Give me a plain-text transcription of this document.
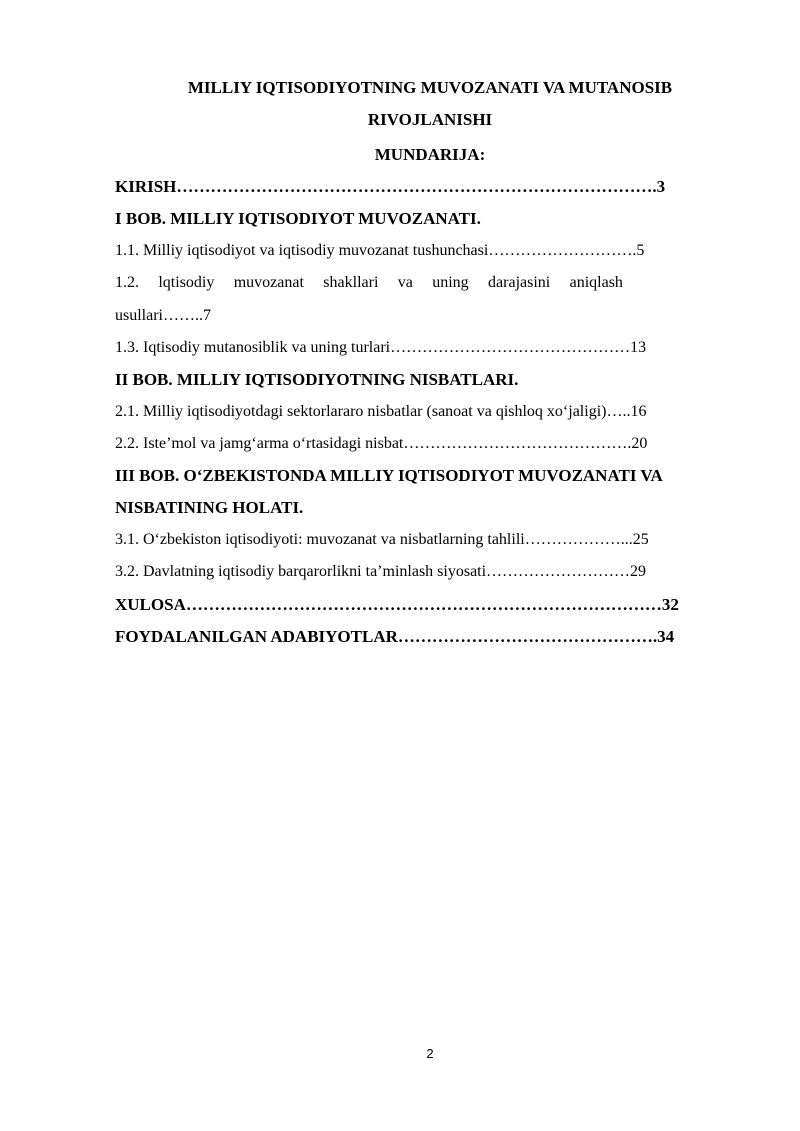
MILLIY IQTISODIYOTNING MUVOZANATI VA MUTANOSIB
RIVOJLANISHI
MUNDARIJA:
KIRISH………………………………………………………………………….3
I BOB. MILLIY IQTISODIYOT MUVOZANATI.
1.1. Milliy iqtisodiyot va iqtisodiy muvozanat tushunchasi……………………….5
1.2. lqtisodiy muvozanat shakllari va uning darajasini aniqlash
usullari……..7
1.3. Iqtisodiy mutanosiblik va uning turlari………………………………………13
II BOB. MILLIY IQTISODIYOTNING NISBATLARI.
2.1. Milliy iqtisodiyotdagi sektorlararo nisbatlar (sanoat va qishloq xo‘jaligi)…..16
2.2. Iste’mol va jamg‘arma o‘rtasidagi nisbat…………………………………….20
III BOB. O‘ZBEKISTONDA MILLIY IQTISODIYOT MUVOZANATI VA
NISBATINING HOLATI.
3.1. O‘zbekiston iqtisodiyoti: muvozanat va nisbatlarning tahlili………………...25
3.2. Davlatning iqtisodiy barqarorlikni ta’minlash siyosati………………………29
XULOSA…………………………………………………………………………32
FOYDALANILGAN ADABIYOTLAR……………………………………….34
2
